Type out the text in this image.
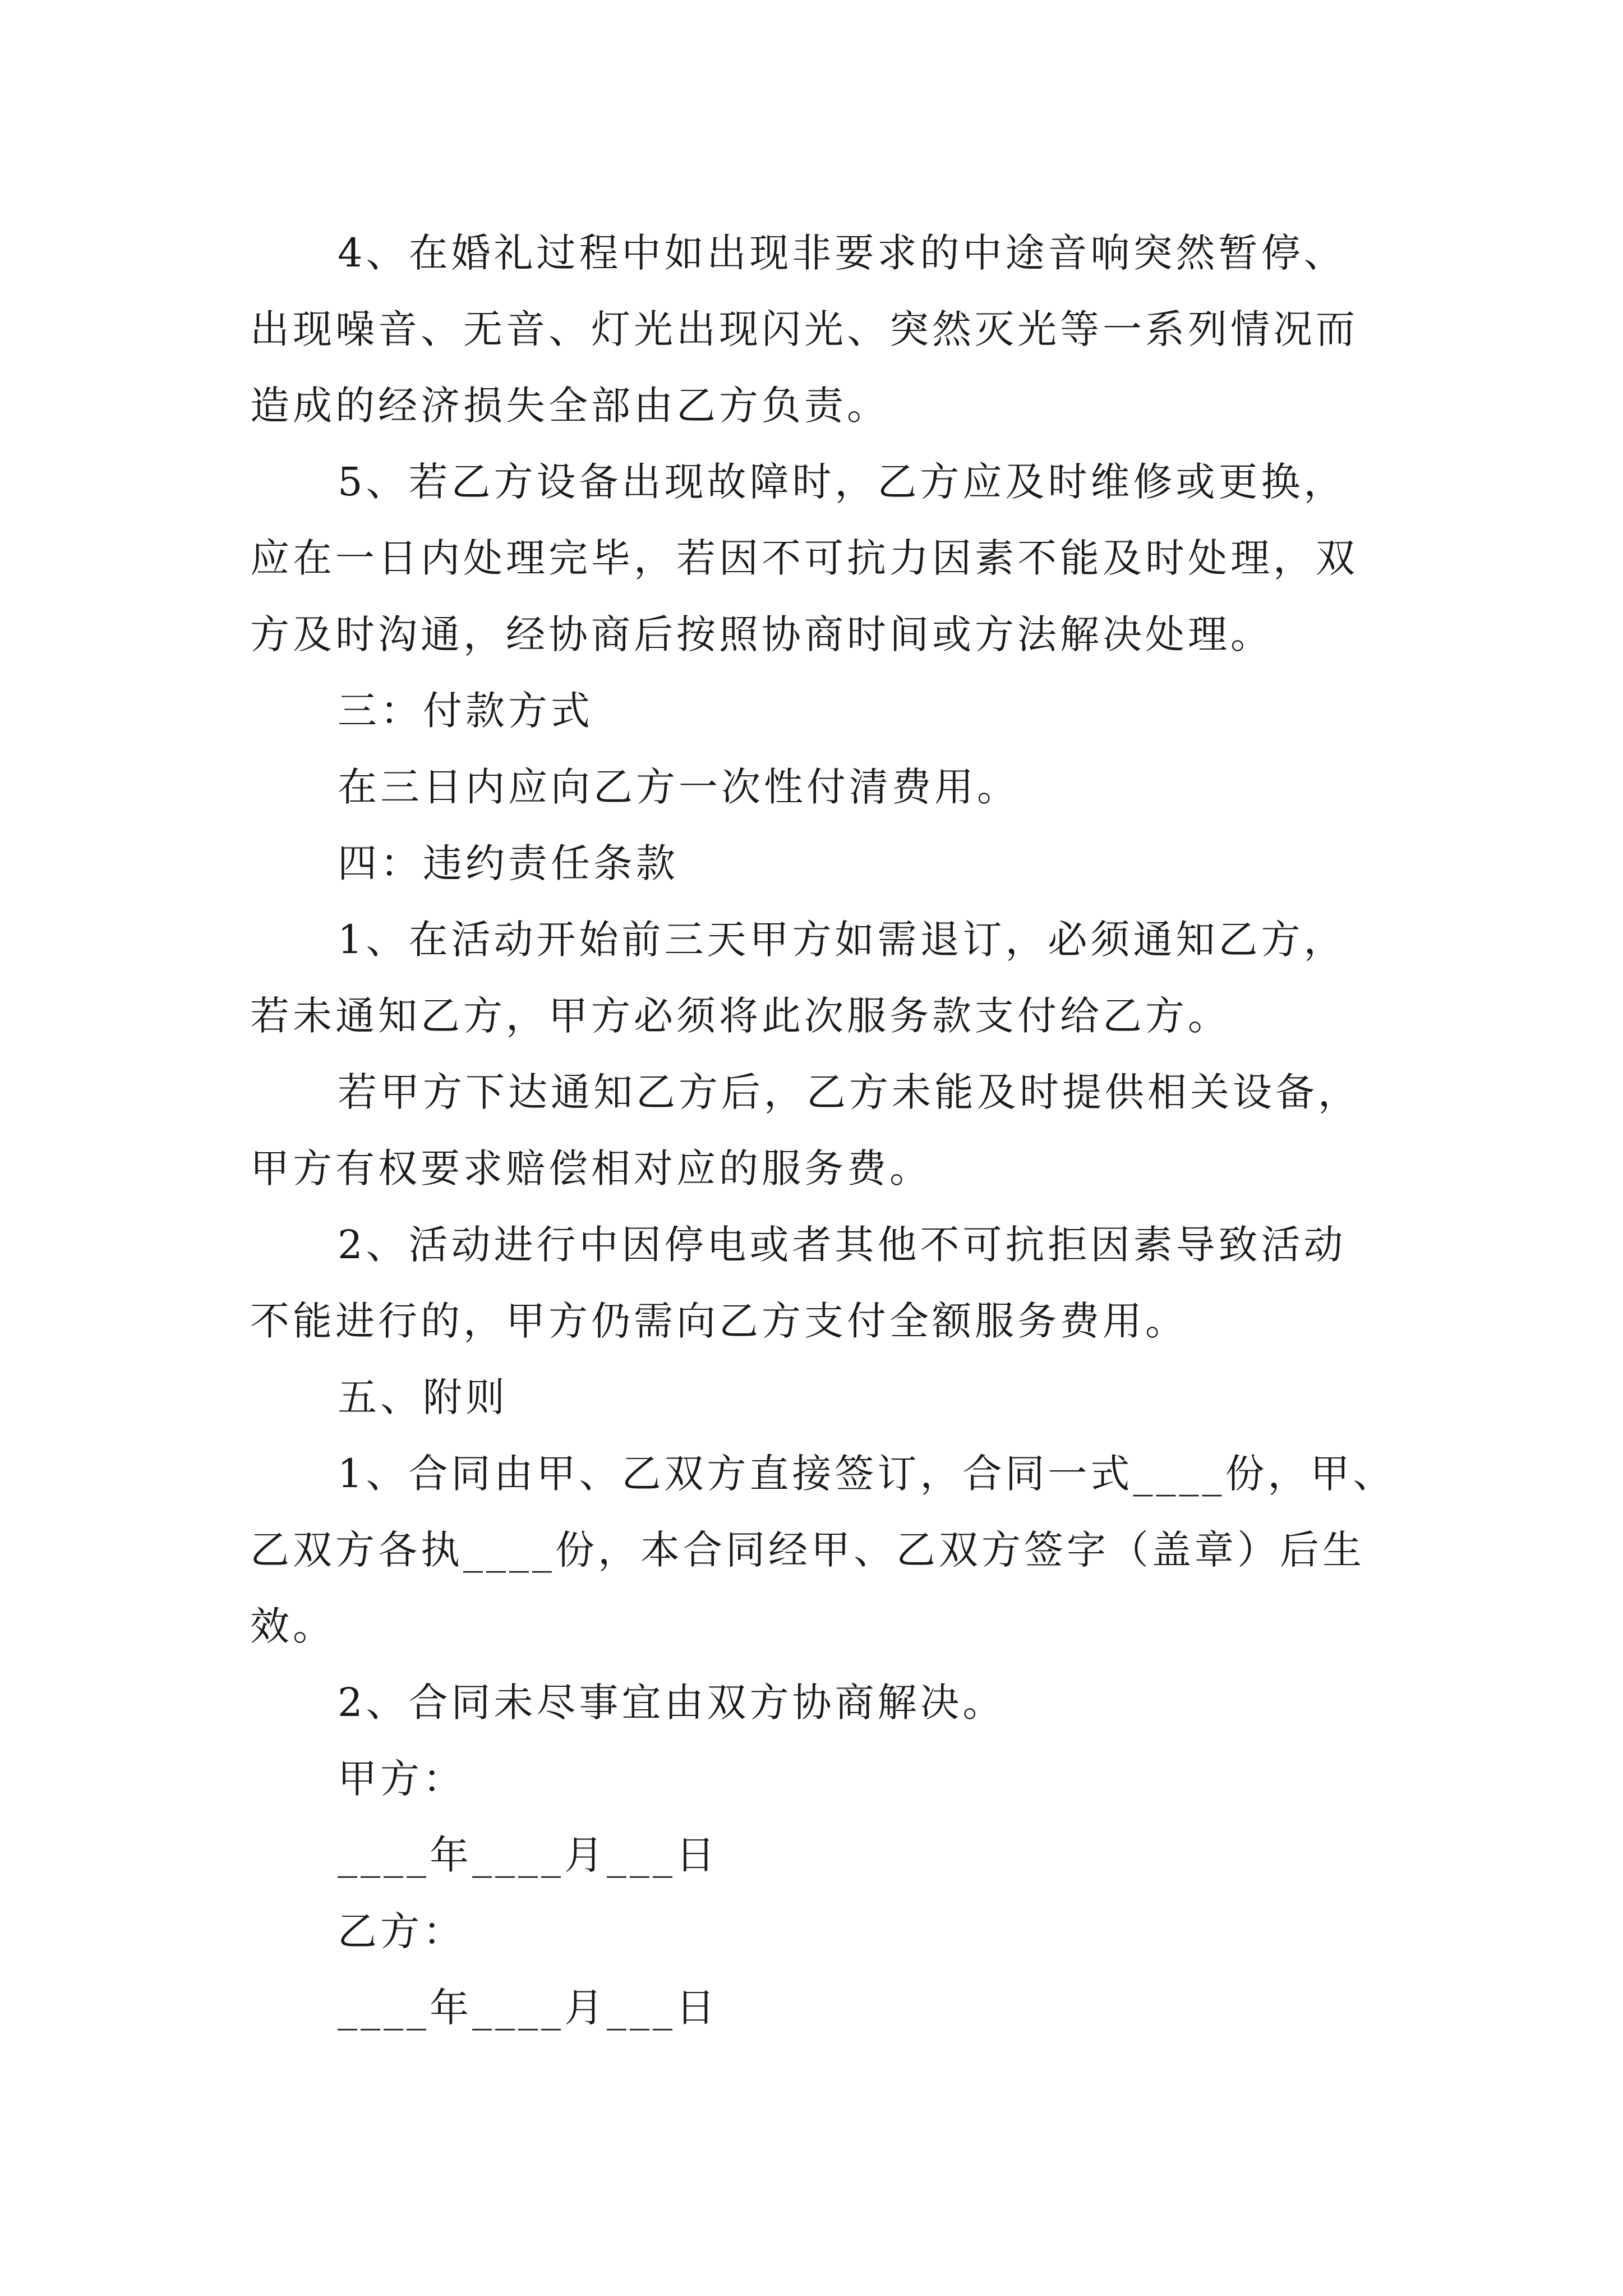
4、在婚礼过程中如出现非要求的中途音响突然暂停、
出现噪音、无音、灯光出现闪光、突然灭光等一系列情况而
造成的经济损失全部由乙方负责。
5、若乙方设备出现故障时，乙方应及时维修或更换，
应在一日内处理完毕，若因不可抗力因素不能及时处理，双
方及时沟通，经协商后按照协商时间或方法解决处理。
三：付款方式
在三日内应向乙方一次性付清费用。
四：违约责任条款
1、在活动开始前三天甲方如需退订，必须通知乙方，
若未通知乙方，甲方必须将此次服务款支付给乙方。
若甲方下达通知乙方后，乙方未能及时提供相关设备，
甲方有权要求赔偿相对应的服务费。
2、活动进行中因停电或者其他不可抗拒因素导致活动
不能进行的，甲方仍需向乙方支付全额服务费用。
五、附则
1、合同由甲、乙双方直接签订，合同一式____份，甲、
乙双方各执____份，本合同经甲、乙双方签字（盖章）后生
效。
2、合同未尽事宜由双方协商解决。
甲方：
____年____月___日
乙方：
____年____月___日
